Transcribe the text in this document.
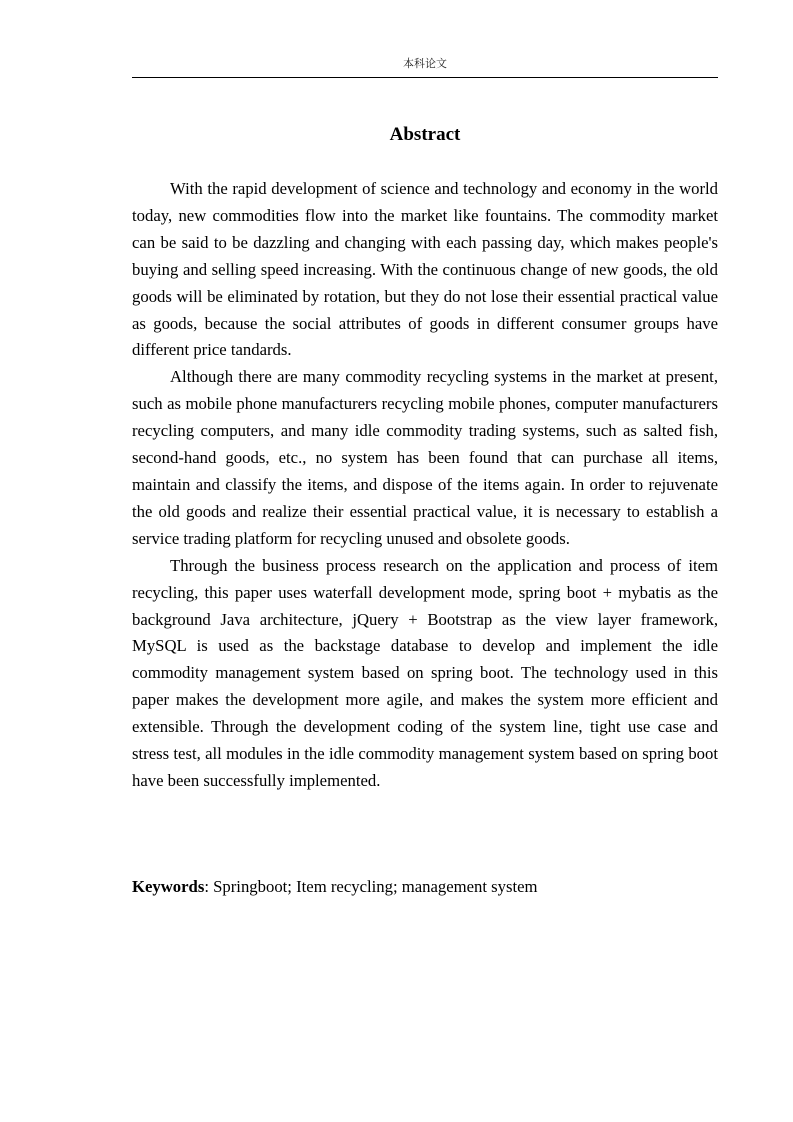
本科论文
Abstract

With the rapid development of science and technology and economy in the world today, new commodities flow into the market like fountains. The commodity market can be said to be dazzling and changing with each passing day, which makes people's buying and selling speed increasing. With the continuous change of new goods, the old goods will be eliminated by rotation, but they do not lose their essential practical value as goods, because the social attributes of goods in different consumer groups have different price tandards.

Although there are many commodity recycling systems in the market at present, such as mobile phone manufacturers recycling mobile phones, computer manufacturers recycling computers, and many idle commodity trading systems, such as salted fish, second-hand goods, etc., no system has been found that can purchase all items, maintain and classify the items, and dispose of the items again. In order to rejuvenate the old goods and realize their essential practical value, it is necessary to establish a service trading platform for recycling unused and obsolete goods.

Through the business process research on the application and process of item recycling, this paper uses waterfall development mode, spring boot + mybatis as the background Java architecture, jQuery + Bootstrap as the view layer framework, MySQL is used as the backstage database to develop and implement the idle commodity management system based on spring boot. The technology used in this paper makes the development more agile, and makes the system more efficient and extensible. Through the development coding of the system line, tight use case and stress test, all modules in the idle commodity management system based on spring boot have been successfully implemented.

Keywords: Springboot; Item recycling; management system
